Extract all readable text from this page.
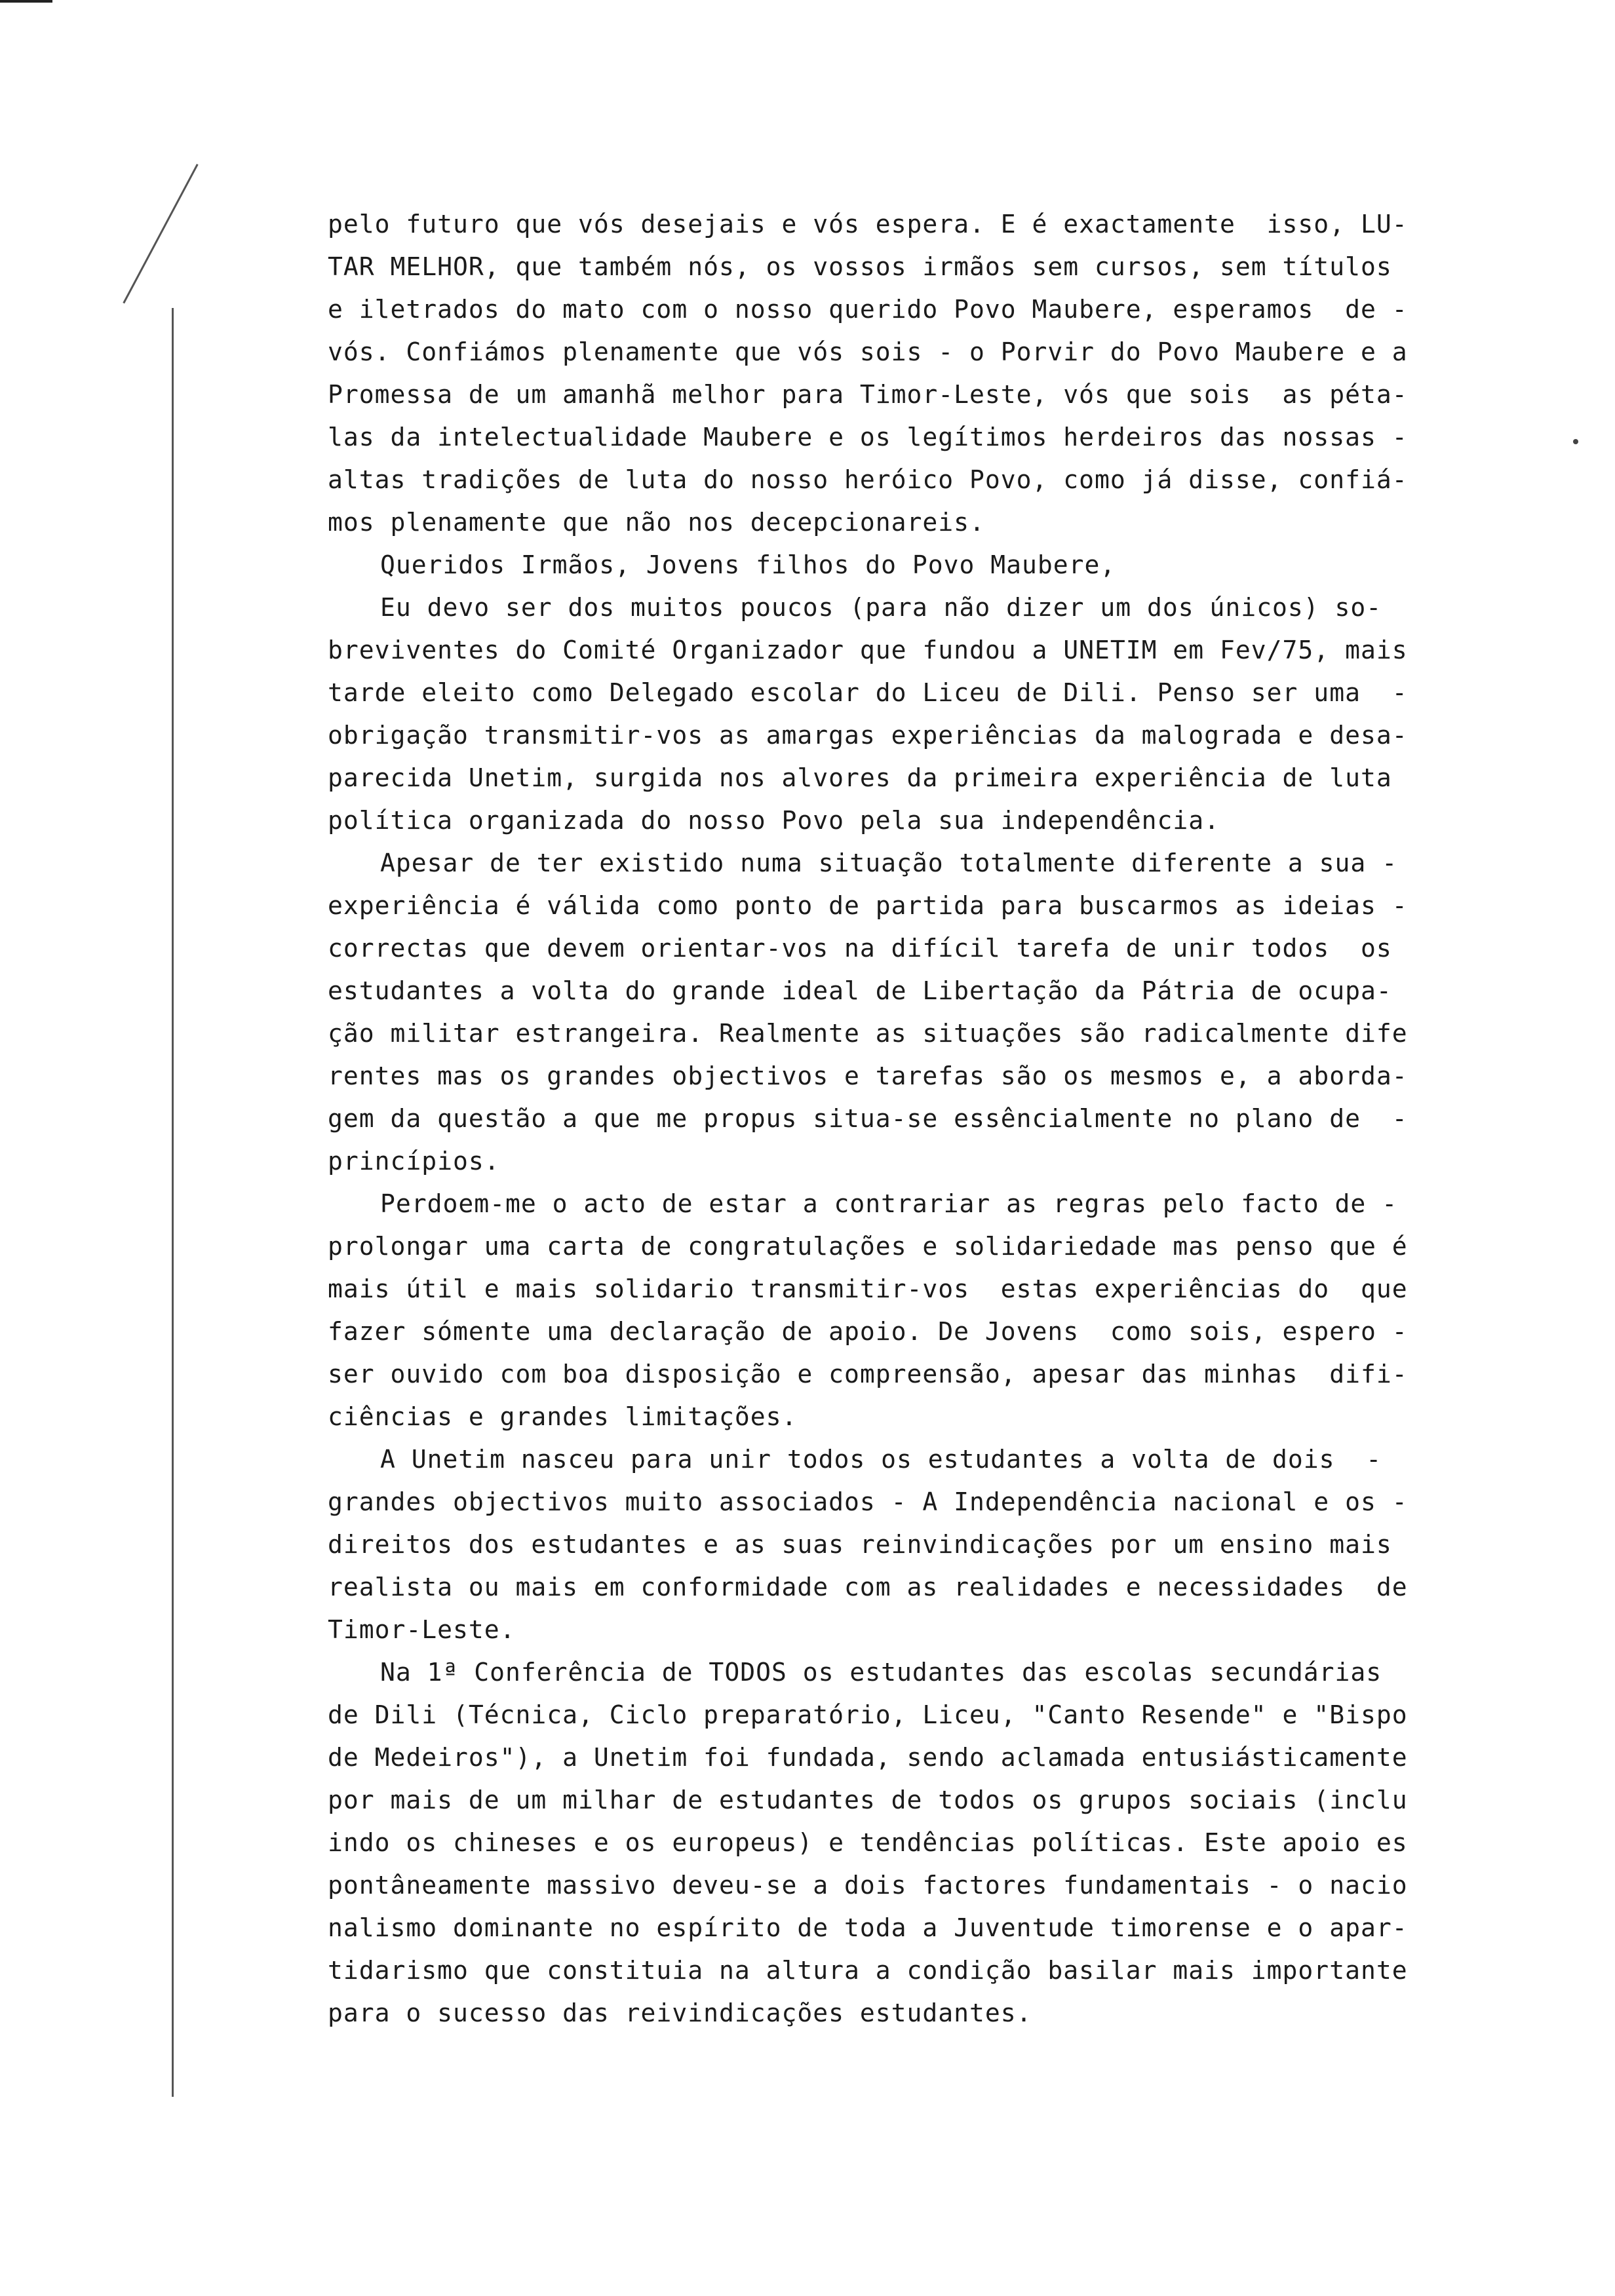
pelo futuro que vós desejais e vós espera. E é exactamente  isso, LU-
TAR MELHOR, que também nós, os vossos irmãos sem cursos, sem títulos
e iletrados do mato com o nosso querido Povo Maubere, esperamos  de -
vós. Confiámos plenamente que vós sois - o Porvir do Povo Maubere e a
Promessa de um amanhã melhor para Timor-Leste, vós que sois  as péta-
las da intelectualidade Maubere e os legítimos herdeiros das nossas -
altas tradições de luta do nosso heróico Povo, como já disse, confiá-
mos plenamente que não nos decepcionareis.
Queridos Irmãos, Jovens filhos do Povo Maubere,
Eu devo ser dos muitos poucos (para não dizer um dos únicos) so-
breviventes do Comité Organizador que fundou a UNETIM em Fev/75, mais
tarde eleito como Delegado escolar do Liceu de Dili. Penso ser uma  -
obrigação transmitir-vos as amargas experiências da malograda e desa-
parecida Unetim, surgida nos alvores da primeira experiência de luta
política organizada do nosso Povo pela sua independência.
Apesar de ter existido numa situação totalmente diferente a sua -
experiência é válida como ponto de partida para buscarmos as ideias -
correctas que devem orientar-vos na difícil tarefa de unir todos  os
estudantes a volta do grande ideal de Libertação da Pátria de ocupa-
ção militar estrangeira. Realmente as situações são radicalmente dife
rentes mas os grandes objectivos e tarefas são os mesmos e, a aborda-
gem da questão a que me propus situa-se essêncialmente no plano de  -
princípios.
Perdoem-me o acto de estar a contrariar as regras pelo facto de -
prolongar uma carta de congratulações e solidariedade mas penso que é
mais útil e mais solidario transmitir-vos  estas experiências do  que
fazer sómente uma declaração de apoio. De Jovens  como sois, espero -
ser ouvido com boa disposição e compreensão, apesar das minhas  difi-
ciências e grandes limitações.
A Unetim nasceu para unir todos os estudantes a volta de dois  -
grandes objectivos muito associados - A Independência nacional e os -
direitos dos estudantes e as suas reinvindicações por um ensino mais
realista ou mais em conformidade com as realidades e necessidades  de
Timor-Leste.
Na 1ª Conferência de TODOS os estudantes das escolas secundárias
de Dili (Técnica, Ciclo preparatório, Liceu, "Canto Resende" e "Bispo
de Medeiros"), a Unetim foi fundada, sendo aclamada entusiásticamente
por mais de um milhar de estudantes de todos os grupos sociais (inclu
indo os chineses e os europeus) e tendências políticas. Este apoio es
pontâneamente massivo deveu-se a dois factores fundamentais - o nacio
nalismo dominante no espírito de toda a Juventude timorense e o apar-
tidarismo que constituia na altura a condição basilar mais importante
para o sucesso das reivindicações estudantes.
